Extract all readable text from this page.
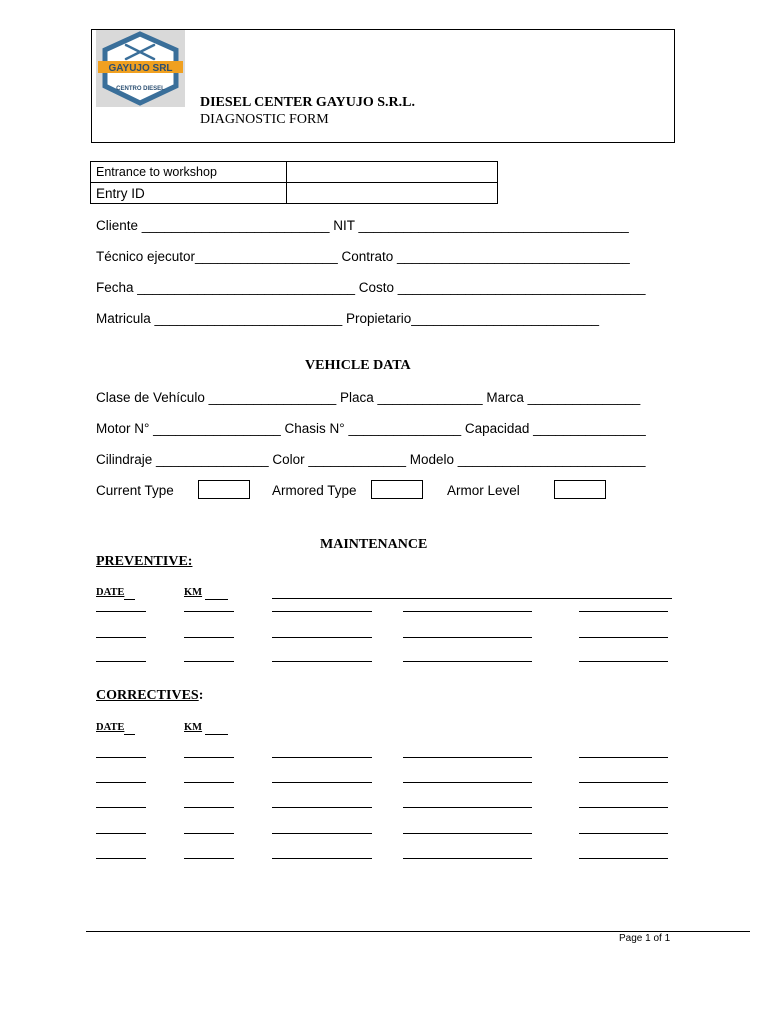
GAYUJO SRL
CENTRO DIESEL
DIESEL CENTER GAYUJO S.R.L.
DIAGNOSTIC FORM
Entrance to workshop	
Entry ID	
Cliente _________________________ NIT ____________________________________
Técnico ejecutor___________________ Contrato _______________________________
Fecha _____________________________ Costo _________________________________
Matricula _________________________ Propietario_________________________
VEHICLE DATA
Clase de Vehículo _________________ Placa ______________ Marca _______________
Motor N° _________________ Chasis N° _______________ Capacidad _______________
Cilindraje _______________ Color _____________ Modelo _________________________
Current Type	Armored Type	Armor Level
MAINTENANCE
PREVENTIVE:
DATE	KM
CORRECTIVES:
DATE	KM
Page 1 of 1
